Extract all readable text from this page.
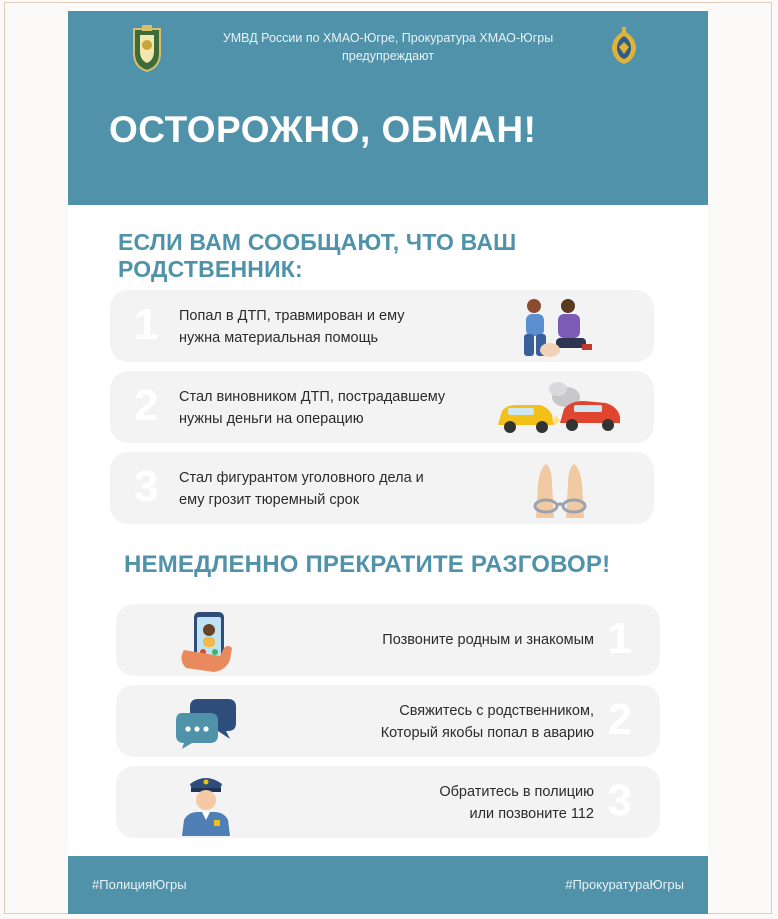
УМВД России по ХМАО-Югре, Прокуратура ХМАО-Югры
предупреждают
ОСТОРОЖНО, ОБМАН!
ЕСЛИ ВАМ СООБЩАЮТ, ЧТО ВАШ
РОДСТВЕННИК:
1 Попал в ДТП, травмирован и ему
нужна материальная помощь
2 Стал виновником ДТП, пострадавшему
нужны деньги на операцию
3 Стал фигурантом уголовного дела и
ему грозит тюремный срок
НЕМЕДЛЕННО ПРЕКРАТИТЕ РАЗГОВОР!
Позвоните родным и знакомым 1
Свяжитесь с родственником,
Который якобы попал в аварию 2
Обратитесь в полицию
или позвоните 112 3
#ПолицияЮгры	#ПрокуратураЮгры
